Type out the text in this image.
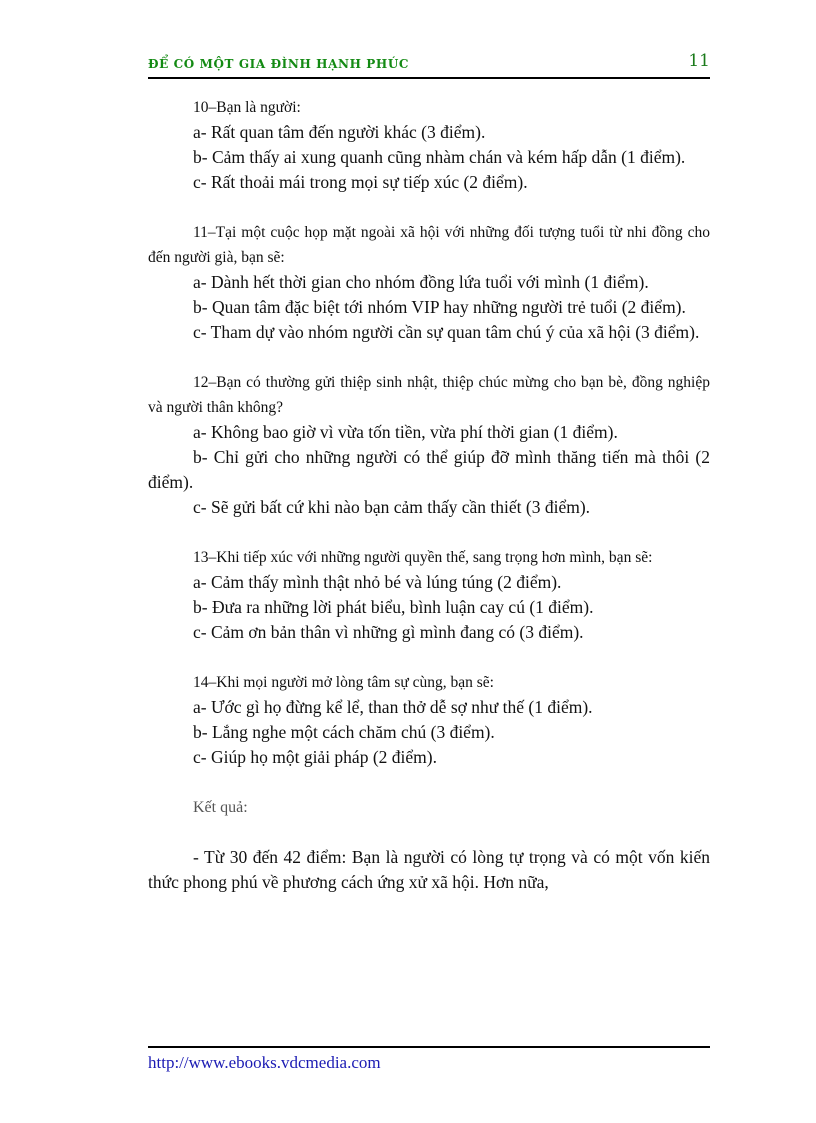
ĐỂ CÓ MỘT GIA ĐÌNH HẠNH PHÚC	11

10–Bạn là người:

a- Rất quan tâm đến người khác (3 điểm).

b- Cảm thấy ai xung quanh cũng nhàm chán và kém hấp dẫn (1 điểm).

c- Rất thoải mái trong mọi sự tiếp xúc (2 điểm).

11–Tại một cuộc họp mặt ngoài xã hội với những đối tượng tuổi từ nhi đồng cho đến người già, bạn sẽ:

a- Dành hết thời gian cho nhóm đồng lứa tuổi với mình (1 điểm).

b- Quan tâm đặc biệt tới nhóm VIP hay những người trẻ tuổi (2 điểm).

c- Tham dự vào nhóm người cần sự quan tâm chú ý của xã hội (3 điểm).

12–Bạn có thường gửi thiệp sinh nhật, thiệp chúc mừng cho bạn bè, đồng nghiệp và người thân không?

a- Không bao giờ vì vừa tốn tiền, vừa phí thời gian (1 điểm).

b- Chỉ gửi cho những người có thể giúp đỡ mình thăng tiến mà thôi (2 điểm).

c- Sẽ gửi bất cứ khi nào bạn cảm thấy cần thiết (3 điểm).

13–Khi tiếp xúc với những người quyền thế, sang trọng hơn mình, bạn sẽ:

a- Cảm thấy mình thật nhỏ bé và lúng túng (2 điểm).

b- Đưa ra những lời phát biểu, bình luận cay cú (1 điểm).

c- Cảm ơn bản thân vì những gì mình đang có (3 điểm).

14–Khi mọi người mở lòng tâm sự cùng, bạn sẽ:

a- Ước gì họ đừng kể lể, than thở dễ sợ như thế (1 điểm).

b- Lắng nghe một cách chăm chú (3 điểm).

c- Giúp họ một giải pháp (2 điểm).

Kết quả:

- Từ 30 đến 42 điểm: Bạn là người có lòng tự trọng và có một vốn kiến thức phong phú về phương cách ứng xử xã hội. Hơn nữa,

http://www.ebooks.vdcmedia.com
